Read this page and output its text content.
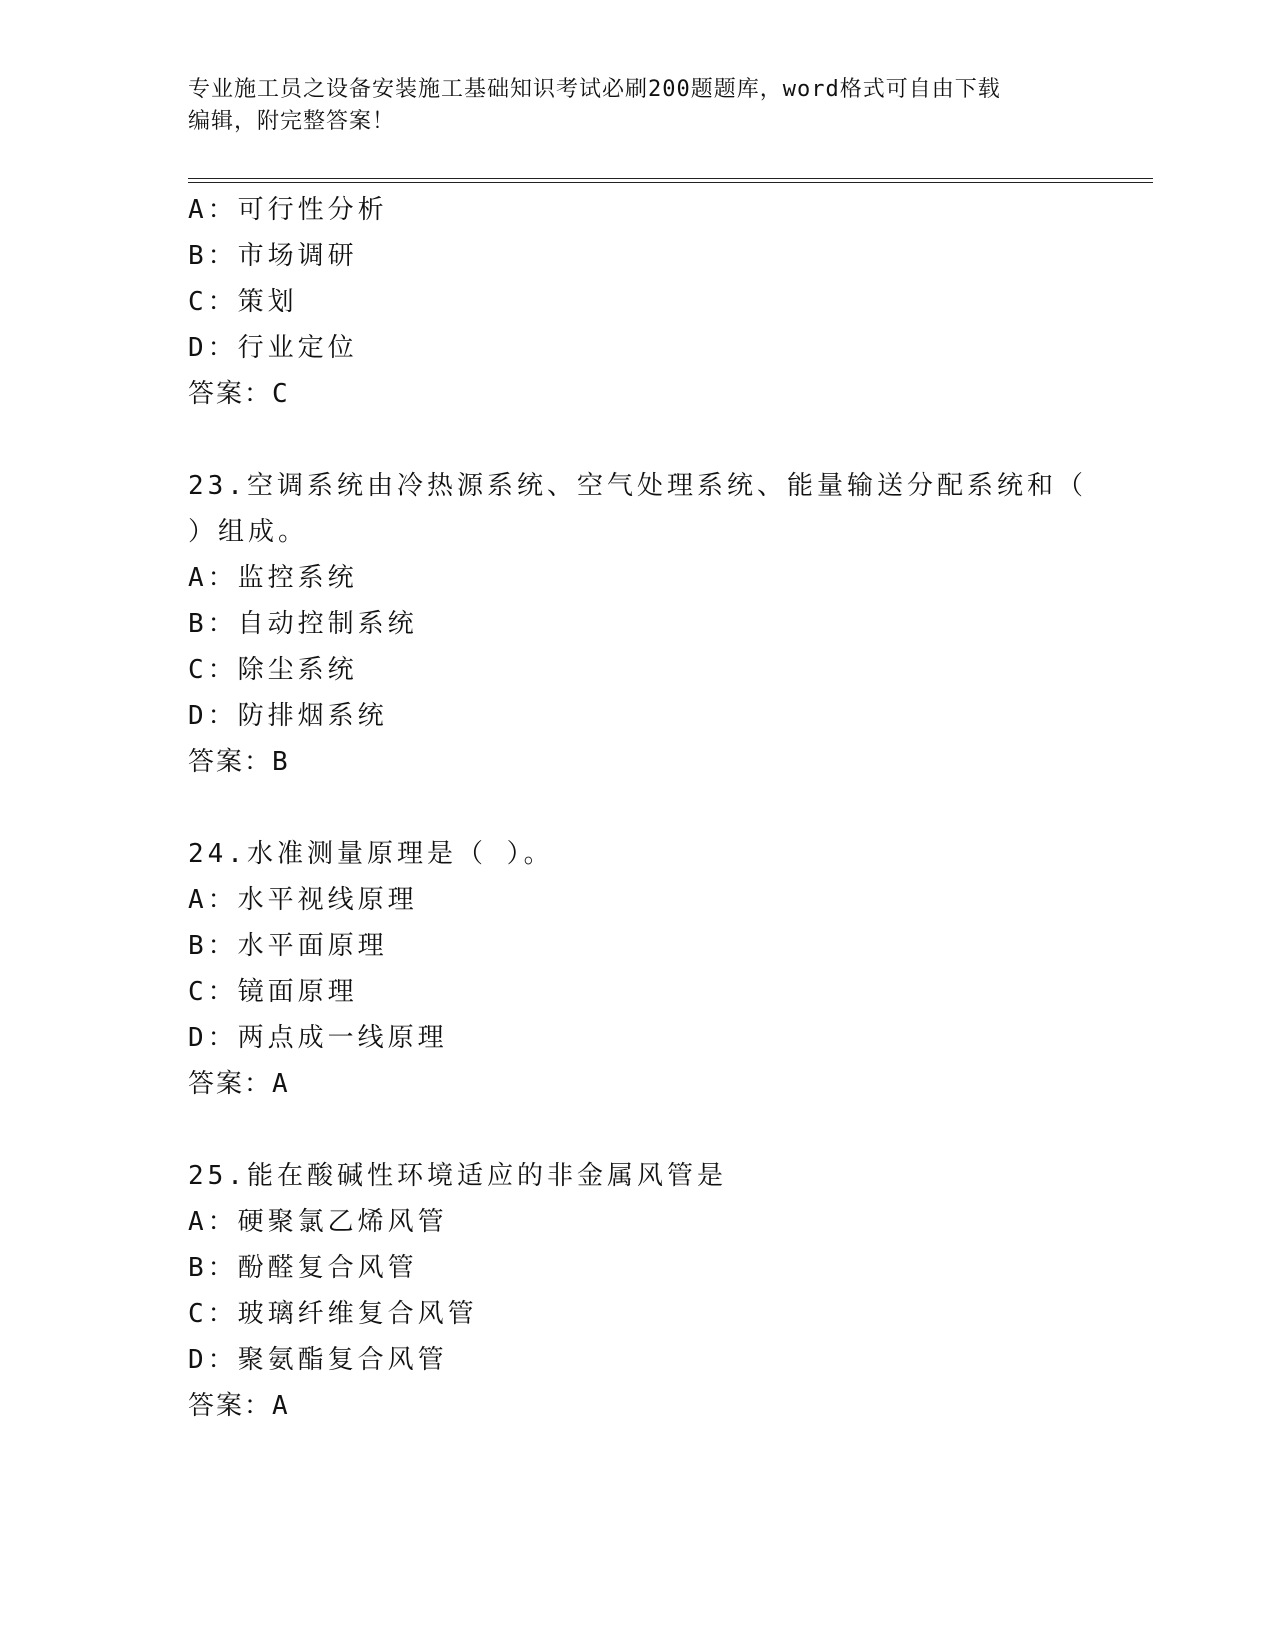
专业施工员之设备安装施工基础知识考试必刷200题题库，word格式可自由下载
编辑，附完整答案！
A：可行性分析
B：市场调研
C：策划
D：行业定位
答案：C
23.空调系统由冷热源系统、空气处理系统、能量输送分配系统和（
）组成。
A：监控系统
B：自动控制系统
C：除尘系统
D：防排烟系统
答案：B
24.水准测量原理是（ ）。
A：水平视线原理
B：水平面原理
C：镜面原理
D：两点成一线原理
答案：A
25.能在酸碱性环境适应的非金属风管是
A：硬聚氯乙烯风管
B：酚醛复合风管
C：玻璃纤维复合风管
D：聚氨酯复合风管
答案：A
